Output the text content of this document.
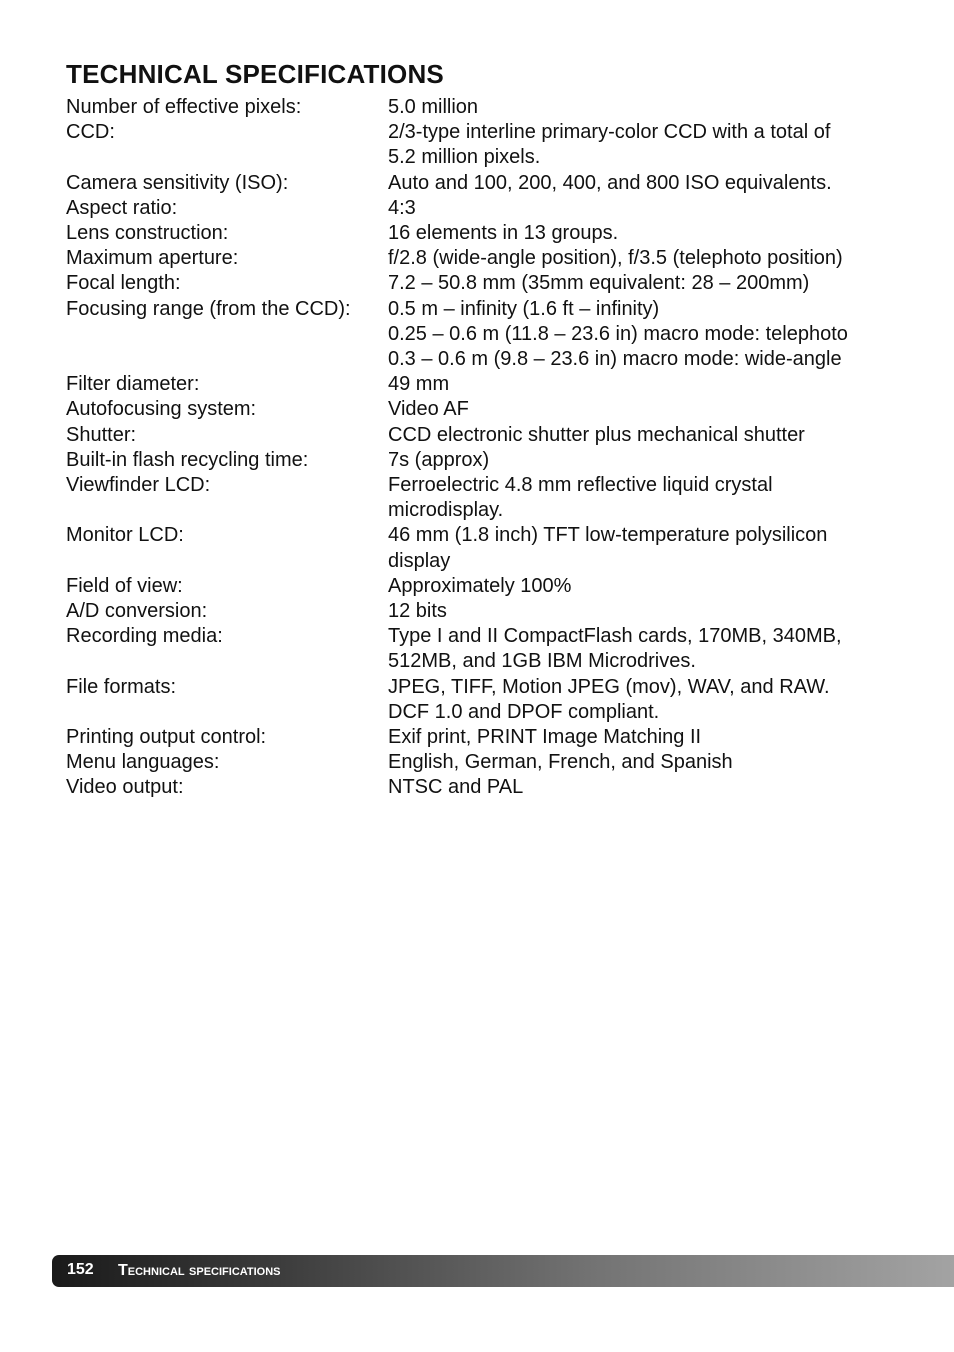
TECHNICAL SPECIFICATIONS
Number of effective pixels:	5.0 million
CCD:	2/3-type interline primary-color CCD with a total of
5.2 million pixels.
Camera sensitivity (ISO):	Auto and 100, 200, 400, and 800 ISO equivalents.
Aspect ratio:	4:3
Lens construction:	16 elements in 13 groups.
Maximum aperture:	f/2.8 (wide-angle position), f/3.5 (telephoto position)
Focal length:	7.2 – 50.8 mm (35mm equivalent: 28 – 200mm)
Focusing range (from the CCD):	0.5 m – infinity (1.6 ft – infinity)
0.25 – 0.6 m (11.8 – 23.6 in) macro mode: telephoto
0.3 – 0.6 m (9.8 – 23.6 in) macro mode: wide-angle
Filter diameter:	49 mm
Autofocusing system:	Video AF
Shutter:	CCD electronic shutter plus mechanical shutter
Built-in flash recycling time:	7s (approx)
Viewfinder LCD:	Ferroelectric 4.8 mm reflective liquid crystal
microdisplay.
Monitor LCD:	46 mm (1.8 inch) TFT low-temperature polysilicon
display
Field of view:	Approximately 100%
A/D conversion:	12 bits
Recording media:	Type I and II CompactFlash cards, 170MB, 340MB,
512MB, and 1GB IBM Microdrives.
File formats:	JPEG, TIFF, Motion JPEG (mov), WAV, and RAW.
DCF 1.0 and DPOF compliant.
Printing output control:	Exif print, PRINT Image Matching II
Menu languages:	English, German, French, and Spanish
Video output:	NTSC and PAL
152 Technical specifications
